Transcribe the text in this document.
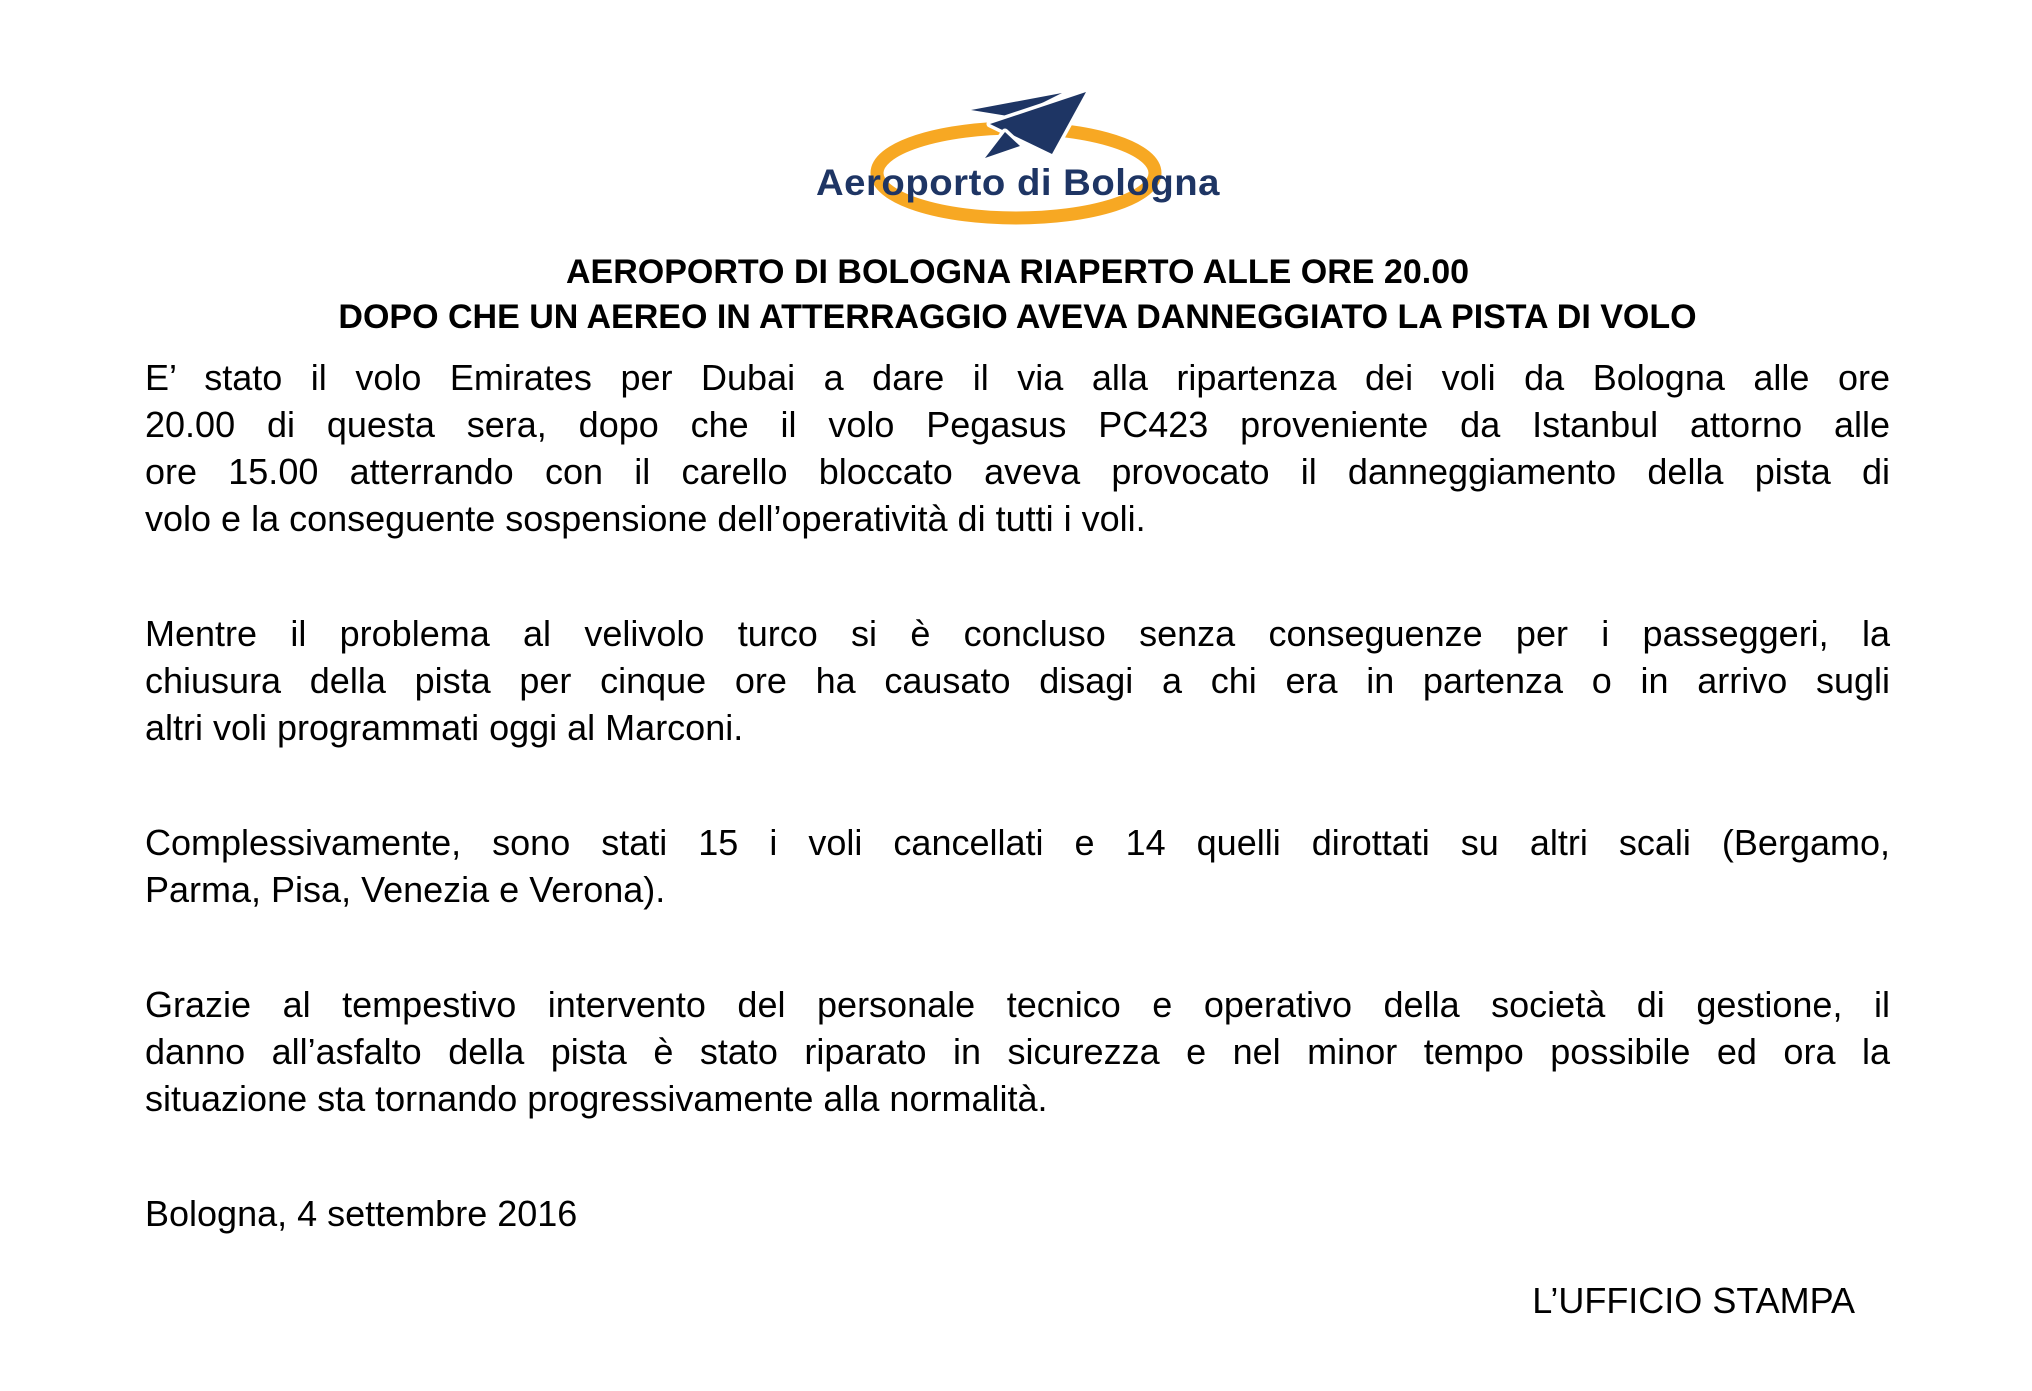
Aeroporto di Bologna
AEROPORTO DI BOLOGNA RIAPERTO ALLE ORE 20.00
DOPO CHE UN AEREO IN ATTERRAGGIO AVEVA DANNEGGIATO LA PISTA DI VOLO
E’ stato il volo Emirates per Dubai a dare il via alla ripartenza dei voli da Bologna alle ore
20.00 di questa sera, dopo che il volo Pegasus PC423 proveniente da Istanbul attorno alle
ore 15.00 atterrando con il carello bloccato aveva provocato il danneggiamento della pista di
volo e la conseguente sospensione dell’operatività di tutti i voli.
Mentre il problema al velivolo turco si è concluso senza conseguenze per i passeggeri, la
chiusura della pista per cinque ore ha causato disagi a chi era in partenza o in arrivo sugli
altri voli programmati oggi al Marconi.
Complessivamente, sono stati 15 i voli cancellati e 14 quelli dirottati su altri scali (Bergamo,
Parma, Pisa, Venezia e Verona).
Grazie al tempestivo intervento del personale tecnico e operativo della società di gestione, il
danno all’asfalto della pista è stato riparato in sicurezza e nel minor tempo possibile ed ora la
situazione sta tornando progressivamente alla normalità.

Bologna, 4 settembre 2016

L’UFFICIO STAMPA
